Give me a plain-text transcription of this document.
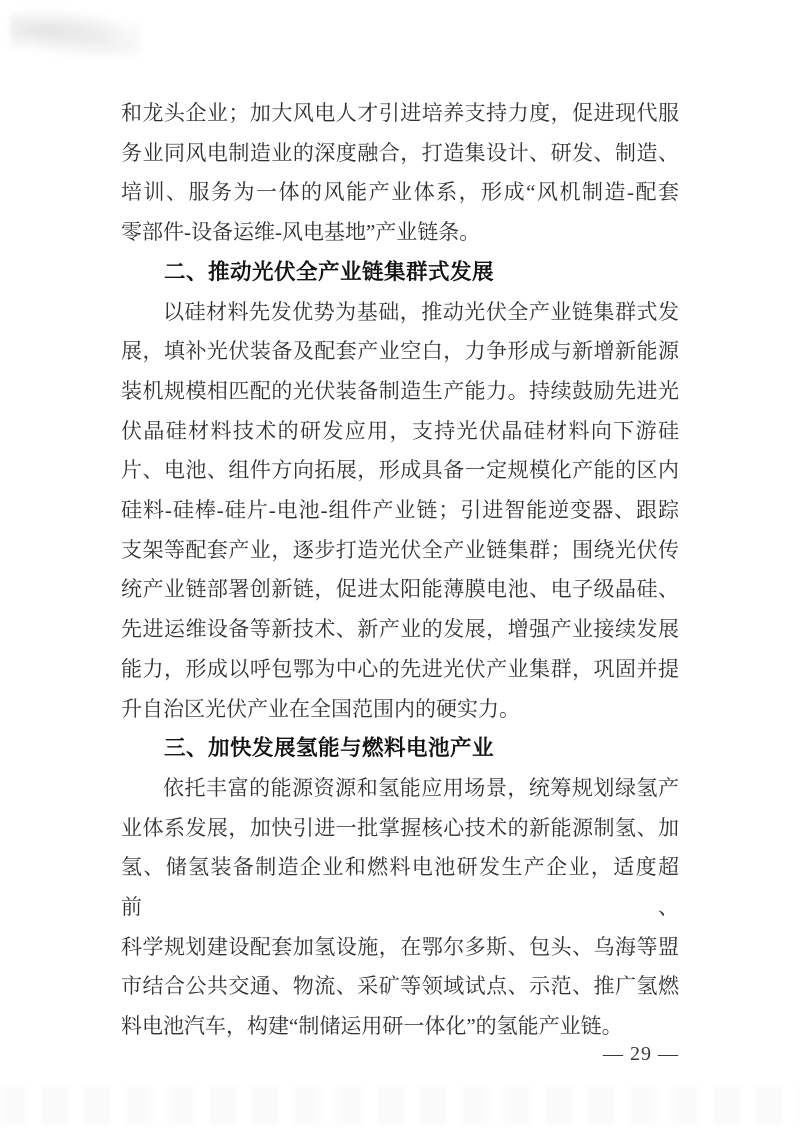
和龙头企业；加大风电人才引进培养支持力度，促进现代服

务业同风电制造业的深度融合，打造集设计、研发、制造、

培训、服务为一体的风能产业体系，形成“风机制造-配套

零部件-设备运维-风电基地”产业链条。

二、推动光伏全产业链集群式发展

以硅材料先发优势为基础，推动光伏全产业链集群式发

展，填补光伏装备及配套产业空白，力争形成与新增新能源

装机规模相匹配的光伏装备制造生产能力。持续鼓励先进光

伏晶硅材料技术的研发应用，支持光伏晶硅材料向下游硅

片、电池、组件方向拓展，形成具备一定规模化产能的区内

硅料-硅棒-硅片-电池-组件产业链；引进智能逆变器、跟踪

支架等配套产业，逐步打造光伏全产业链集群；围绕光伏传

统产业链部署创新链，促进太阳能薄膜电池、电子级晶硅、

先进运维设备等新技术、新产业的发展，增强产业接续发展

能力，形成以呼包鄂为中心的先进光伏产业集群，巩固并提

升自治区光伏产业在全国范围内的硬实力。

三、加快发展氢能与燃料电池产业

依托丰富的能源资源和氢能应用场景，统筹规划绿氢产

业体系发展，加快引进一批掌握核心技术的新能源制氢、加

氢、储氢装备制造企业和燃料电池研发生产企业，适度超前、

科学规划建设配套加氢设施，在鄂尔多斯、包头、乌海等盟

市结合公共交通、物流、采矿等领域试点、示范、推广氢燃

料电池汽车，构建“制储运用研一体化”的氢能产业链。

— 29 —
